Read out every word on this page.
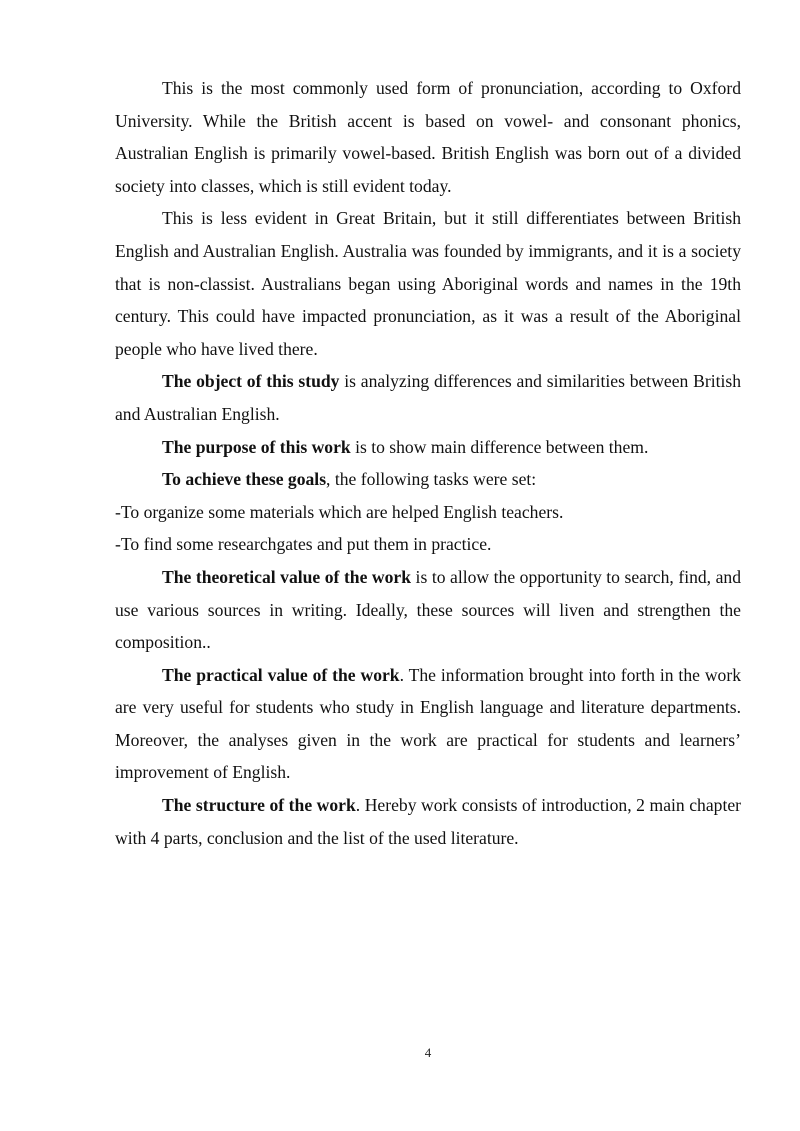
This is the most commonly used form of pronunciation, according to Oxford University. While the British accent is based on vowel- and consonant phonics, Australian English is primarily vowel-based. British English was born out of a divided society into classes, which is still evident today.

This is less evident in Great Britain, but it still differentiates between British English and Australian English. Australia was founded by immigrants, and it is a society that is non-classist. Australians began using Aboriginal words and names in the 19th century. This could have impacted pronunciation, as it was a result of the Aboriginal people who have lived there.

The object of this study is analyzing differences and similarities between British and Australian English.

The purpose of this work is to show main difference between them.

To achieve these goals, the following tasks were set:

-To organize some materials which are helped English teachers.

-To find some researchgates and put them in practice.

The theoretical value of the work is to allow the opportunity to search, find, and use various sources in writing. Ideally, these sources will liven and strengthen the composition..

The practical value of the work. The information brought into forth in the work are very useful for students who study in English language and literature departments. Moreover, the analyses given in the work are practical for students and learners’ improvement of English.

The structure of the work. Hereby work consists of introduction, 2 main chapter with 4 parts, conclusion and the list of the used literature.

4
